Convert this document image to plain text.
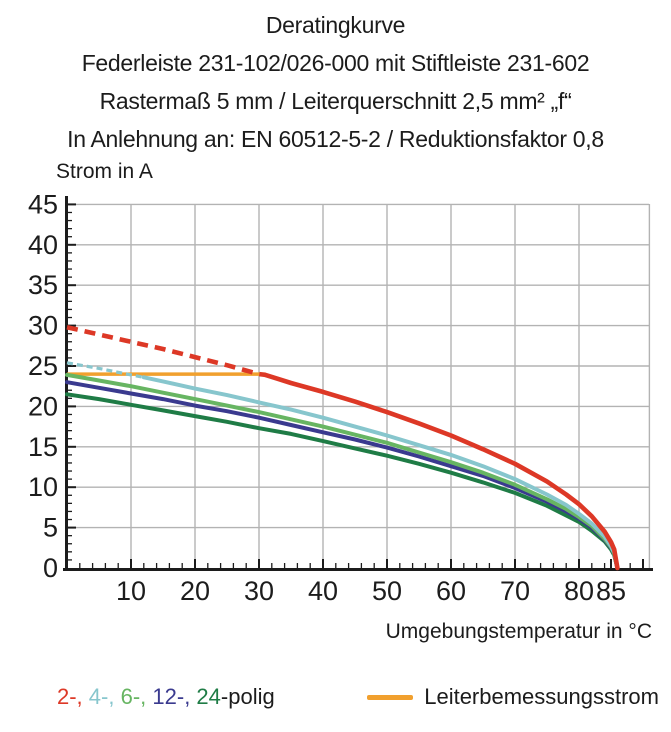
Deratingkurve
Federleiste 231-102/026-000 mit Stiftleiste 231-602
Rastermaß 5 mm / Leiterquerschnitt 2,5 mm² „f“
In Anlehnung an: EN 60512-5-2 / Reduktionsfaktor 0,8
10 20 30 40 50 60 70 80 85
0
5
10
15
20
25
30
35
40
45
Strom in A
Umgebungstemperatur in °C
2-, 4-, 6-, 12-, 24 -polig	Leiterbemessungsstrom
